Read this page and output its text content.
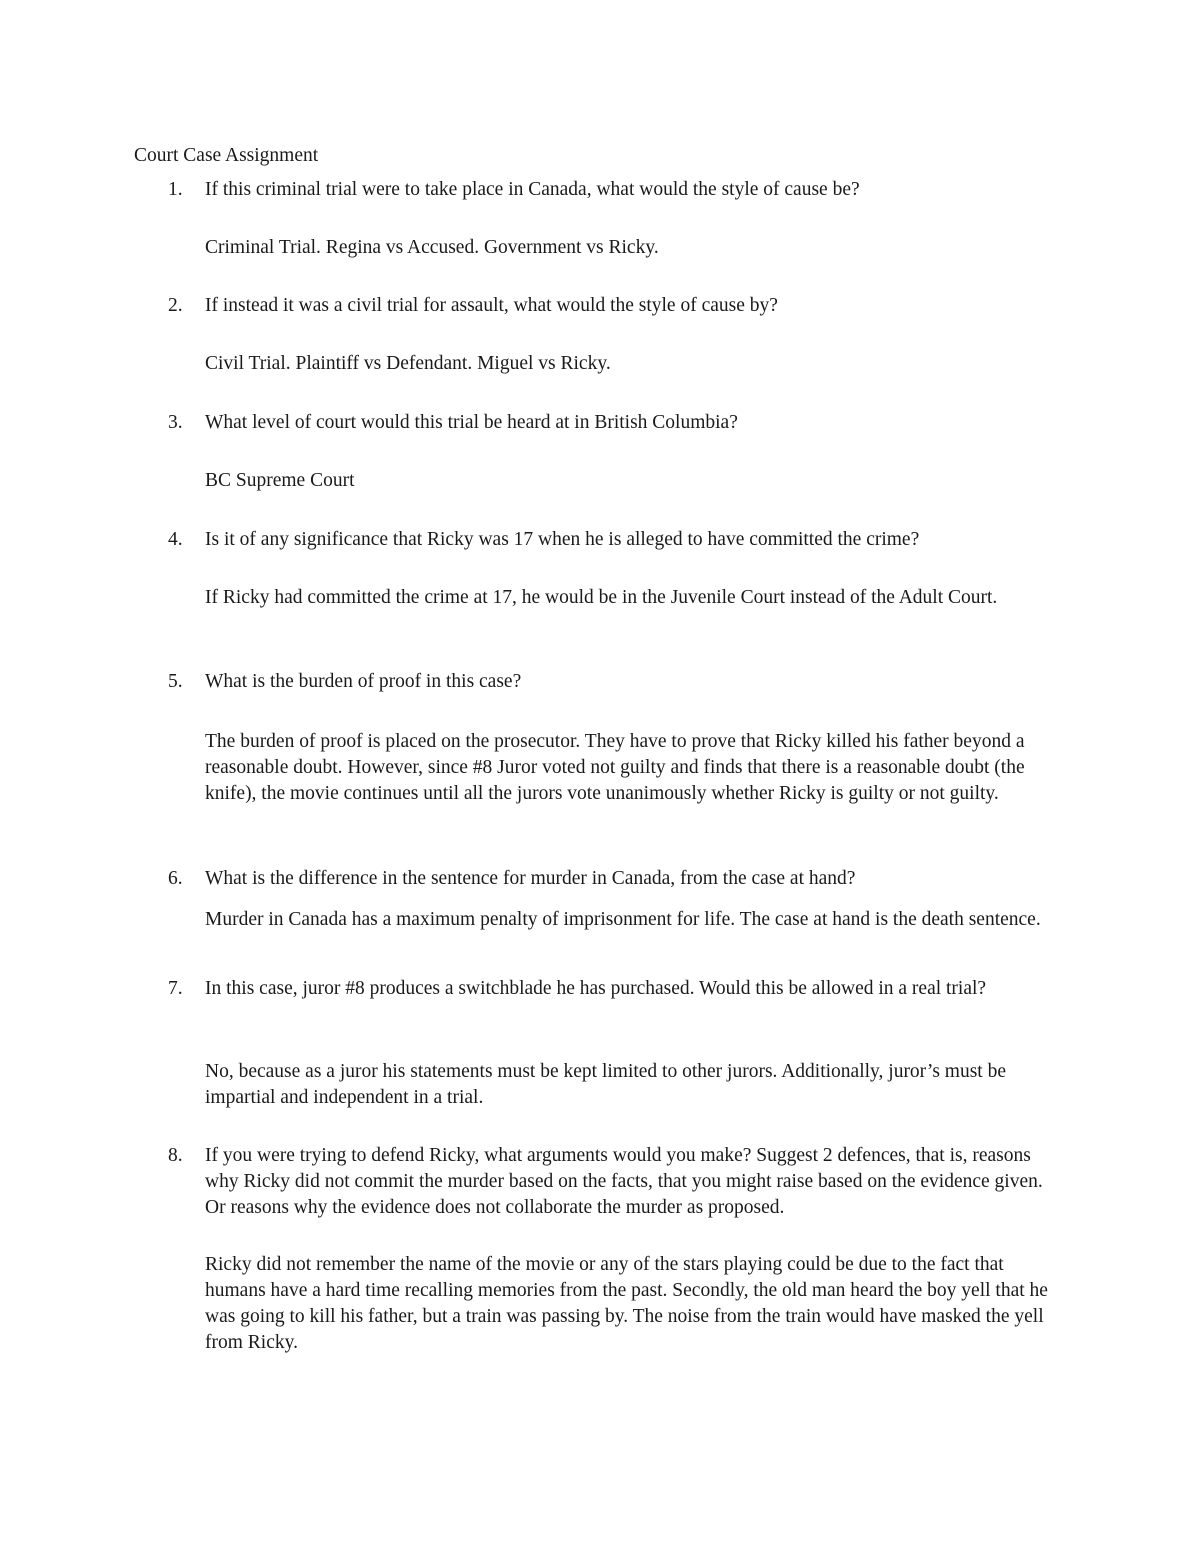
Court Case Assignment
1. If this criminal trial were to take place in Canada, what would the style of cause be?

Criminal Trial. Regina vs Accused. Government vs Ricky.

2. If instead it was a civil trial for assault, what would the style of cause by?

Civil Trial. Plaintiff vs Defendant. Miguel vs Ricky.

3. What level of court would this trial be heard at in British Columbia?

BC Supreme Court

4. Is it of any significance that Ricky was 17 when he is alleged to have committed the crime?

If Ricky had committed the crime at 17, he would be in the Juvenile Court instead of the Adult Court.

5. What is the burden of proof in this case?

The burden of proof is placed on the prosecutor. They have to prove that Ricky killed his father beyond a reasonable doubt. However, since #8 Juror voted not guilty and finds that there is a reasonable doubt (the knife), the movie continues until all the jurors vote unanimously whether Ricky is guilty or not guilty.

6. What is the difference in the sentence for murder in Canada, from the case at hand?

Murder in Canada has a maximum penalty of imprisonment for life. The case at hand is the death sentence.

7. In this case, juror #8 produces a switchblade he has purchased. Would this be allowed in a real trial?

No, because as a juror his statements must be kept limited to other jurors. Additionally, juror’s must be impartial and independent in a trial.

8. If you were trying to defend Ricky, what arguments would you make? Suggest 2 defences, that is, reasons why Ricky did not commit the murder based on the facts, that you might raise based on the evidence given. Or reasons why the evidence does not collaborate the murder as proposed.

Ricky did not remember the name of the movie or any of the stars playing could be due to the fact that humans have a hard time recalling memories from the past. Secondly, the old man heard the boy yell that he was going to kill his father, but a train was passing by. The noise from the train would have masked the yell from Ricky.
